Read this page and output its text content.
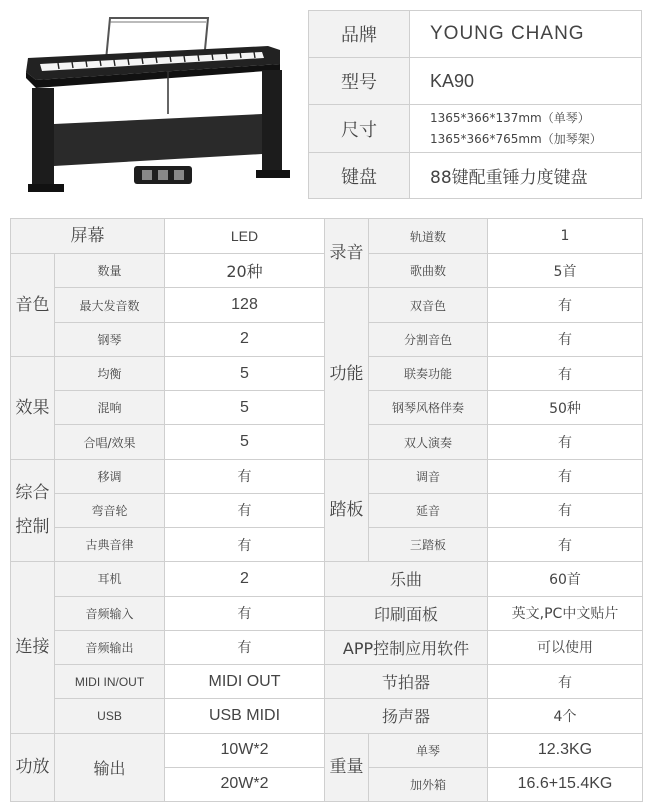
品牌	YOUNG CHANG
型号	KA90
尺寸	1365*366*137mm（单琴）
1365*366*765mm（加琴架）

键盘	88键配重锤力度键盘
屏幕		LED	录音	轨道数	1
音色	数量	20种		歌曲数	5首
	最大发音数	128	功能	双音色	有
	钢琴	2		分割音色	有
效果	均衡	5		联奏功能	有
	混响	5		钢琴风格伴奏	50种
	合唱/效果	5		双人演奏	有

综合
控制	移调	有	踏板	调音	有
	弯音轮	有		延音	有
	古典音律	有		三踏板	有
连接	耳机	2	乐曲		60首
	音频输入	有	印刷面板		英文,PC中文贴片
	音频输出	有	APP控制应用软件		可以使用
	MIDI IN/OUT	MIDI OUT	节拍器		有
	USB	USB MIDI	扬声器		4个
功放	输出	10W*2	重量	单琴	12.3KG
		20W*2		加外箱	16.6+15.4KG
